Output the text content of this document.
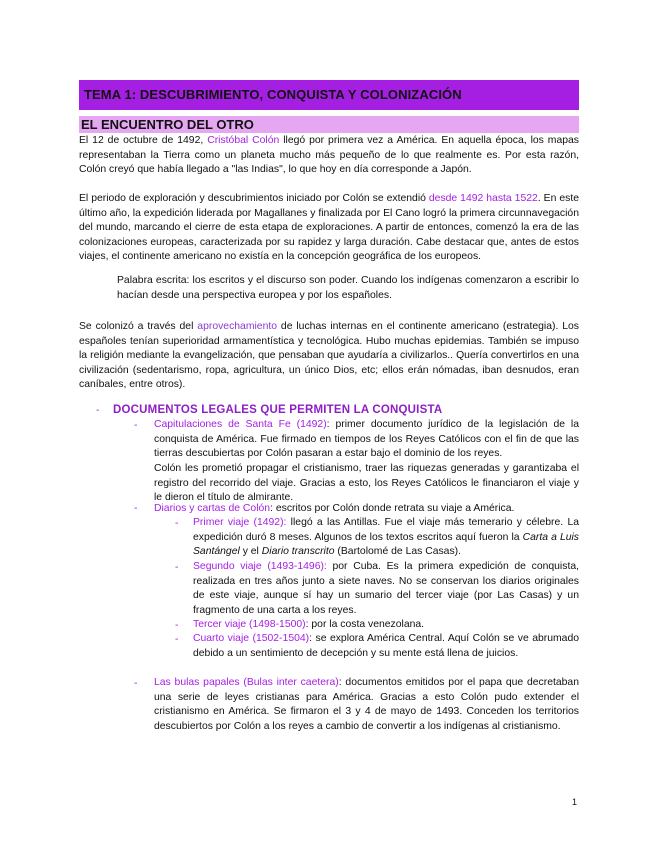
TEMA 1: DESCUBRIMIENTO, CONQUISTA Y COLONIZACIÓN
EL ENCUENTRO DEL OTRO
El 12 de octubre de 1492, Cristóbal Colón llegó por primera vez a América. En aquella época, los mapas representaban la Tierra como un planeta mucho más pequeño de lo que realmente es. Por esta razón, Colón creyó que había llegado a "las Indias", lo que hoy en día corresponde a Japón.
El periodo de exploración y descubrimientos iniciado por Colón se extendió desde 1492 hasta 1522. En este último año, la expedición liderada por Magallanes y finalizada por El Cano logró la primera circunnavegación del mundo, marcando el cierre de esta etapa de exploraciones. A partir de entonces, comenzó la era de las colonizaciones europeas, caracterizada por su rapidez y larga duración. Cabe destacar que, antes de estos viajes, el continente americano no existía en la concepción geográfica de los europeos.
Palabra escrita: los escritos y el discurso son poder. Cuando los indígenas comenzaron a escribir lo hacían desde una perspectiva europea y por los españoles.
Se colonizó a través del aprovechamiento de luchas internas en el continente americano (estrategia). Los españoles tenían superioridad armamentística y tecnológica. Hubo muchas epidemias. También se impuso la religión mediante la evangelización, que pensaban que ayudaría a civilizarlos.. Quería convertirlos en una civilización (sedentarismo, ropa, agricultura, un único Dios, etc; ellos erán nómadas, iban desnudos, eran caníbales, entre otros).
- DOCUMENTOS LEGALES QUE PERMITEN LA CONQUISTA
- Capitulaciones de Santa Fe (1492): primer documento jurídico de la legislación de la conquista de América. Fue firmado en tiempos de los Reyes Católicos con el fin de que las tierras descubiertas por Colón pasaran a estar bajo el dominio de los reyes.
Colón les prometió propagar el cristianismo, traer las riquezas generadas y garantizaba el registro del recorrido del viaje. Gracias a esto, los Reyes Católicos le financiaron el viaje y le dieron el título de almirante.
- Diarios y cartas de Colón: escritos por Colón donde retrata su viaje a América.
- Primer viaje (1492): llegó a las Antillas. Fue el viaje más temerario y célebre. La expedición duró 8 meses. Algunos de los textos escritos aquí fueron la Carta a Luis Santángel y el Diario transcrito (Bartolomé de Las Casas).
- Segundo viaje (1493-1496): por Cuba. Es la primera expedición de conquista, realizada en tres años junto a siete naves. No se conservan los diarios originales de este viaje, aunque sí hay un sumario del tercer viaje (por Las Casas) y un fragmento de una carta a los reyes.
- Tercer viaje (1498-1500): por la costa venezolana.
- Cuarto viaje (1502-1504): se explora América Central. Aquí Colón se ve abrumado debido a un sentimiento de decepción y su mente está llena de juicios.
- Las bulas papales (Bulas inter caetera): documentos emitidos por el papa que decretaban una serie de leyes cristianas para América. Gracias a esto Colón pudo extender el cristianismo en América. Se firmaron el 3 y 4 de mayo de 1493. Conceden los territorios descubiertos por Colón a los reyes a cambio de convertir a los indígenas al cristianismo.
1
